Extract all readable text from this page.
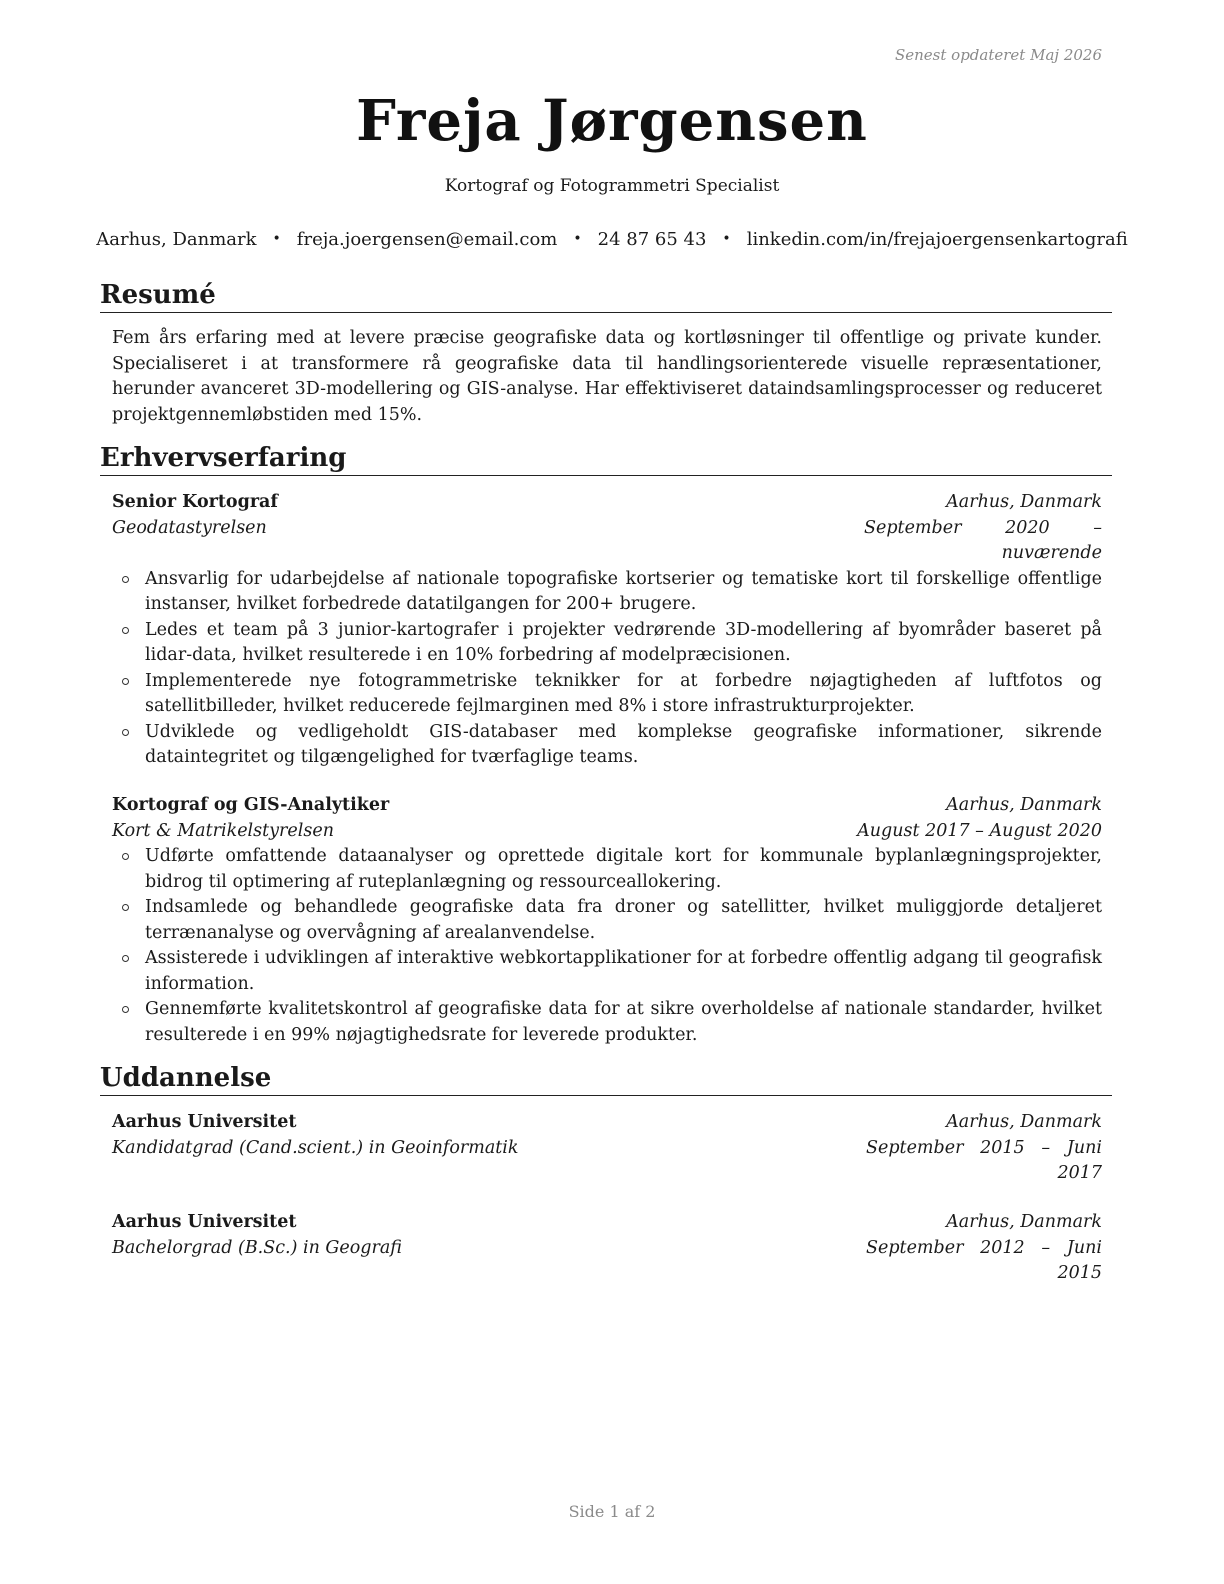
Senest opdateret Maj 2026
Freja Jørgensen
Kortograf og Fotogrammetri Specialist
Aarhus, Danmark • freja.joergensen@email.com • 24 87 65 43 • linkedin.com/in/frejajoergensenkartografi
Resumé
Fem års erfaring med at levere præcise geografiske data og kortløsninger til offentlige og private kunder. Specialiseret i at transformere rå geografiske data til handlingsorienterede visuelle repræsentationer, herunder avanceret 3D-modellering og GIS-analyse. Har effektiviseret dataindsamlingsprocesser og reduceret projektgennemløbstiden med 15%.
Erhvervserfaring
Senior Kortograf	Aarhus, Danmark
Geodatastyrelsen	September 2020 – nuværende
Ansvarlig for udarbejdelse af nationale topografiske kortserier og tematiske kort til forskellige offentlige instanser, hvilket forbedrede datatilgangen for 200+ brugere.
Ledes et team på 3 junior-kartografer i projekter vedrørende 3D-modellering af byområder baseret på lidar-data, hvilket resulterede i en 10% forbedring af modelpræcisionen.
Implementerede nye fotogrammetriske teknikker for at forbedre nøjagtigheden af luftfotos og satellitbilleder, hvilket reducerede fejlmarginen med 8% i store infrastrukturprojekter.
Udviklede og vedligeholdt GIS-databaser med komplekse geografiske informationer, sikrende dataintegritet og tilgængelighed for tværfaglige teams.
Kortograf og GIS-Analytiker	Aarhus, Danmark
Kort & Matrikelstyrelsen	August 2017 – August 2020
Udførte omfattende dataanalyser og oprettede digitale kort for kommunale byplanlægningsprojekter, bidrog til optimering af ruteplanlægning og ressourceallokering.
Indsamlede og behandlede geografiske data fra droner og satellitter, hvilket muliggjorde detaljeret terrænanalyse og overvågning af arealanvendelse.
Assisterede i udviklingen af interaktive webkortapplikationer for at forbedre offentlig adgang til geografisk information.
Gennemførte kvalitetskontrol af geografiske data for at sikre overholdelse af nationale standarder, hvilket resulterede i en 99% nøjagtighedsrate for leverede produkter.
Uddannelse
Aarhus Universitet	Aarhus, Danmark
Kandidatgrad (Cand.scient.) in Geoinformatik	September 2015 – Juni 2017
Aarhus Universitet	Aarhus, Danmark
Bachelorgrad (B.Sc.) in Geografi	September 2012 – Juni 2015
Side 1 af 2
